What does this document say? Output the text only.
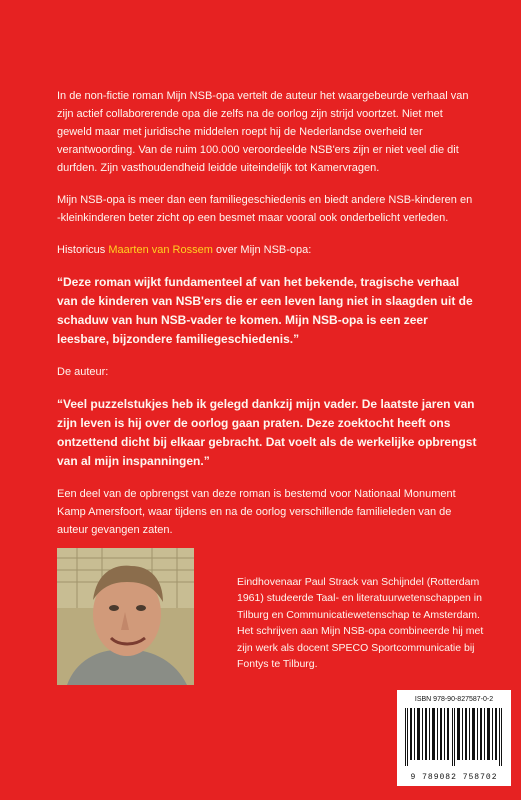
In de non-fictie roman Mijn NSB-opa vertelt de auteur het waargebeurde verhaal van zijn actief collaborerende opa die zelfs na de oorlog zijn strijd voortzet. Niet met geweld maar met juridische middelen roept hij de Nederlandse overheid ter verantwoording. Van de ruim 100.000 veroordeelde NSB'ers zijn er niet veel die dit durfden. Zijn vasthoudendheid leidde uiteindelijk tot Kamervragen.

Mijn NSB-opa is meer dan een familiegeschiedenis en biedt andere NSB-kinderen en -kleinkinderen beter zicht op een besmet maar vooral ook onderbelicht verleden.

Historicus Maarten van Rossem over Mijn NSB-opa:

“Deze roman wijkt fundamenteel af van het bekende, tragische verhaal van de kinderen van NSB'ers die er een leven lang niet in slaagden uit de schaduw van hun NSB-vader te komen. Mijn NSB-opa is een zeer leesbare, bijzondere familiegeschiedenis.”

De auteur:

“Veel puzzelstukjes heb ik gelegd dankzij mijn vader. De laatste jaren van zijn leven is hij over de oorlog gaan praten. Deze zoektocht heeft ons ontzettend dicht bij elkaar gebracht. Dat voelt als de werkelijke opbrengst van al mijn inspanningen.”

Een deel van de opbrengst van deze roman is bestemd voor Nationaal Monument Kamp Amersfoort, waar tijdens en na de oorlog verschillende familieleden van de auteur gevangen zaten.

Eindhovenaar Paul Strack van Schijndel (Rotterdam 1961) studeerde Taal- en literatuurwetenschappen in Tilburg en Communicatiewetenschap te Amsterdam. Het schrijven aan Mijn NSB-opa combineerde hij met zijn werk als docent SPECO Sportcommunicatie bij Fontys te Tilburg.
ISBN 978-90-827587-0-2
9 789082 758702
